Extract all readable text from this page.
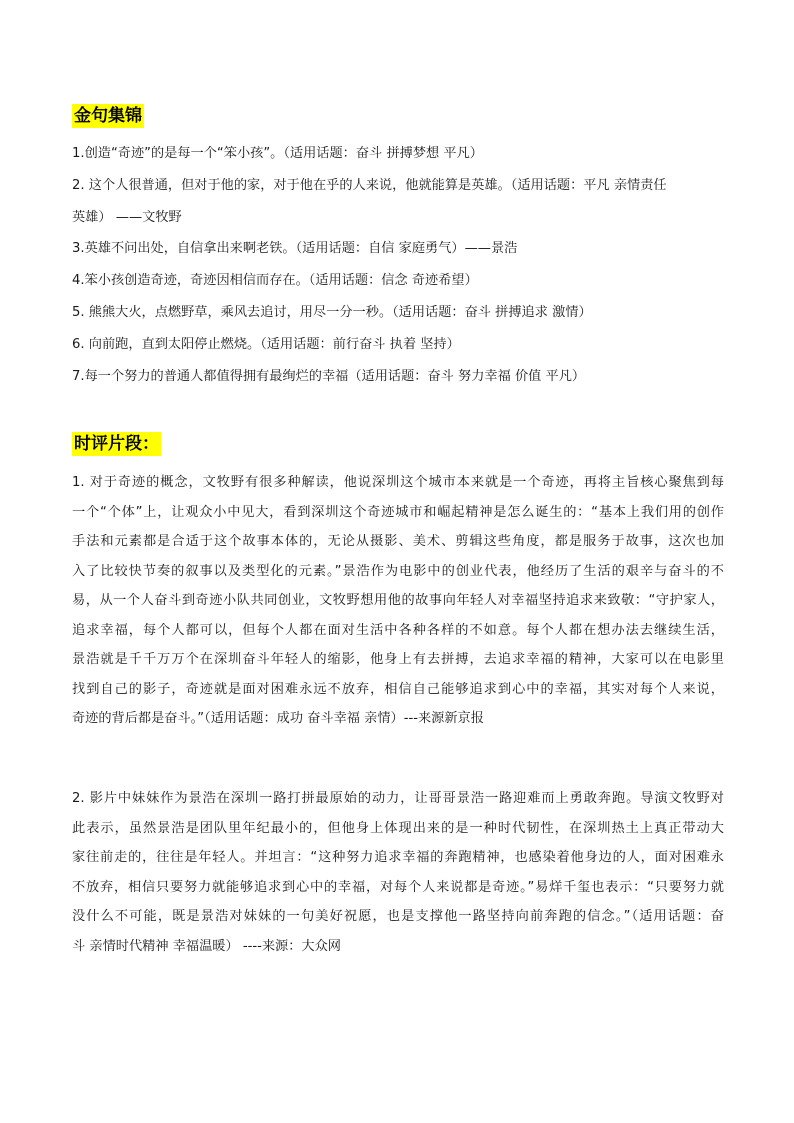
金句集锦
1.创造“奇迹”的是每一个“笨小孩”。（适用话题：奋斗 拼搏梦想 平凡）
2. 这个人很普通，但对于他的家，对于他在乎的人来说，他就能算是英雄。（适用话题：平凡 亲情责任
英雄） ——文牧野
3.英雄不问出处，自信拿出来啊老铁。（适用话题：自信 家庭勇气）——景浩
4.笨小孩创造奇迹，奇迹因相信而存在。（适用话题：信念 奇迹希望）
5. 熊熊大火，点燃野草，乘风去追讨，用尽一分一秒。（适用话题：奋斗 拼搏追求 激情）
6. 向前跑，直到太阳停止燃烧。（适用话题：前行奋斗 执着 坚持）
7.每一个努力的普通人都值得拥有最绚烂的幸福（适用话题：奋斗 努力幸福 价值 平凡）
时评片段：
1. 对于奇迹的概念，文牧野有很多种解读，他说深圳这个城市本来就是一个奇迹，再将主旨核心聚焦到每
一个“个体”上，让观众小中见大，看到深圳这个奇迹城市和崛起精神是怎么诞生的：“基本上我们用的创作
手法和元素都是合适于这个故事本体的，无论从摄影、美术、剪辑这些角度，都是服务于故事，这次也加
入了比较快节奏的叙事以及类型化的元素。”景浩作为电影中的创业代表，他经历了生活的艰辛与奋斗的不
易，从一个人奋斗到奇迹小队共同创业，文牧野想用他的故事向年轻人对幸福坚持追求来致敬：“守护家人，
追求幸福，每个人都可以，但每个人都在面对生活中各种各样的不如意。每个人都在想办法去继续生活，
景浩就是千千万万个在深圳奋斗年轻人的缩影，他身上有去拼搏，去追求幸福的精神，大家可以在电影里
找到自己的影子，奇迹就是面对困难永远不放弃，相信自己能够追求到心中的幸福，其实对每个人来说，
奇迹的背后都是奋斗。”（适用话题：成功 奋斗幸福 亲情）---来源新京报
2. 影片中妹妹作为景浩在深圳一路打拼最原始的动力，让哥哥景浩一路迎难而上勇敢奔跑。导演文牧野对
此表示，虽然景浩是团队里年纪最小的，但他身上体现出来的是一种时代韧性，在深圳热土上真正带动大
家往前走的，往往是年轻人。并坦言：“这种努力追求幸福的奔跑精神，也感染着他身边的人，面对困难永
不放弃，相信只要努力就能够追求到心中的幸福，对每个人来说都是奇迹。”易烊千玺也表示：“只要努力就
没什么不可能，既是景浩对妹妹的一句美好祝愿，也是支撑他一路坚持向前奔跑的信念。”（适用话题：奋
斗 亲情时代精神 幸福温暖） ----来源：大众网
